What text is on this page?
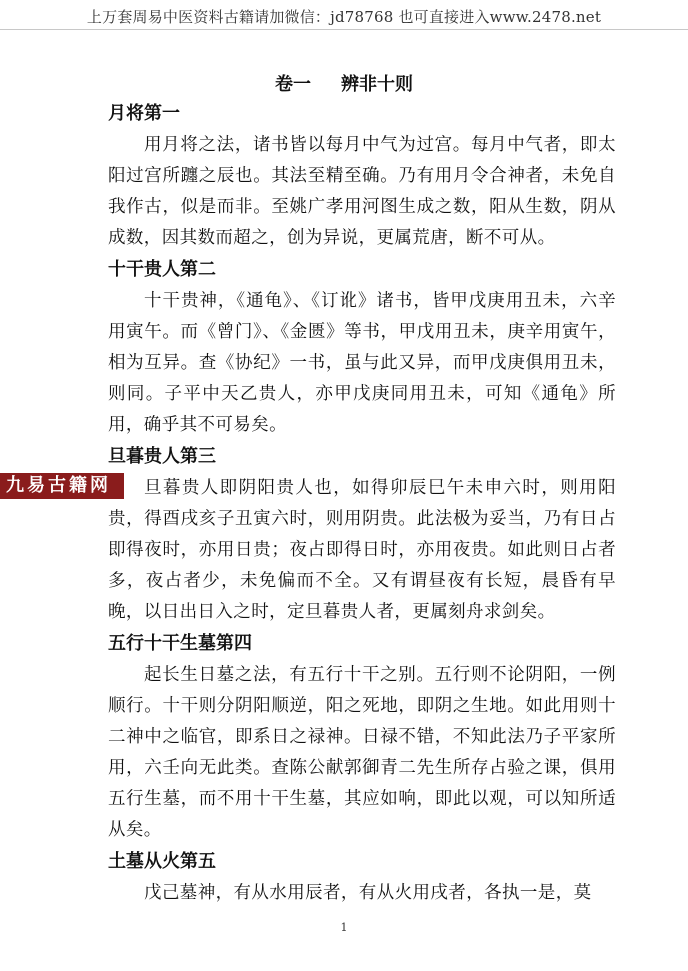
上万套周易中医资料古籍请加微信：jd78768 也可直接进入www.2478.net
卷一 辨非十则
月将第一

用月将之法，诸书皆以每月中气为过宫。每月中气者，即太阳过宫所躔之辰也。其法至精至确。乃有用月令合神者，未免自我作古，似是而非。至姚广孝用河图生成之数，阳从生数，阴从成数，因其数而超之，创为异说，更属荒唐，断不可从。

十干贵人第二

十干贵神，《通龟》、《订讹》诸书，皆甲戊庚用丑未，六辛用寅午。而《曾门》、《金匮》等书，甲戊用丑未，庚辛用寅午，相为互异。查《协纪》一书，虽与此又异，而甲戊庚俱用丑未，则同。子平中天乙贵人，亦甲戊庚同用丑未，可知《通龟》所用，确乎其不可易矣。

旦暮贵人第三

旦暮贵人即阴阳贵人也，如得卯辰巳午未申六时，则用阳贵，得酉戌亥子丑寅六时，则用阴贵。此法极为妥当，乃有日占即得夜时，亦用日贵；夜占即得日时，亦用夜贵。如此则日占者多，夜占者少，未免偏而不全。又有谓昼夜有长短，晨昏有早晚，以日出日入之时，定旦暮贵人者，更属刻舟求剑矣。

五行十干生墓第四

起长生日墓之法，有五行十干之别。五行则不论阴阳，一例顺行。十干则分阴阳顺逆，阳之死地，即阴之生地。如此用则十二神中之临官，即系日之禄神。日禄不错，不知此法乃子平家所用，六壬向无此类。查陈公献郭御青二先生所存占验之课，俱用五行生墓，而不用十干生墓，其应如响，即此以观，可以知所适从矣。

土墓从火第五

戊己墓神，有从水用辰者，有从火用戌者，各执一是，莫

九易古籍网
1
